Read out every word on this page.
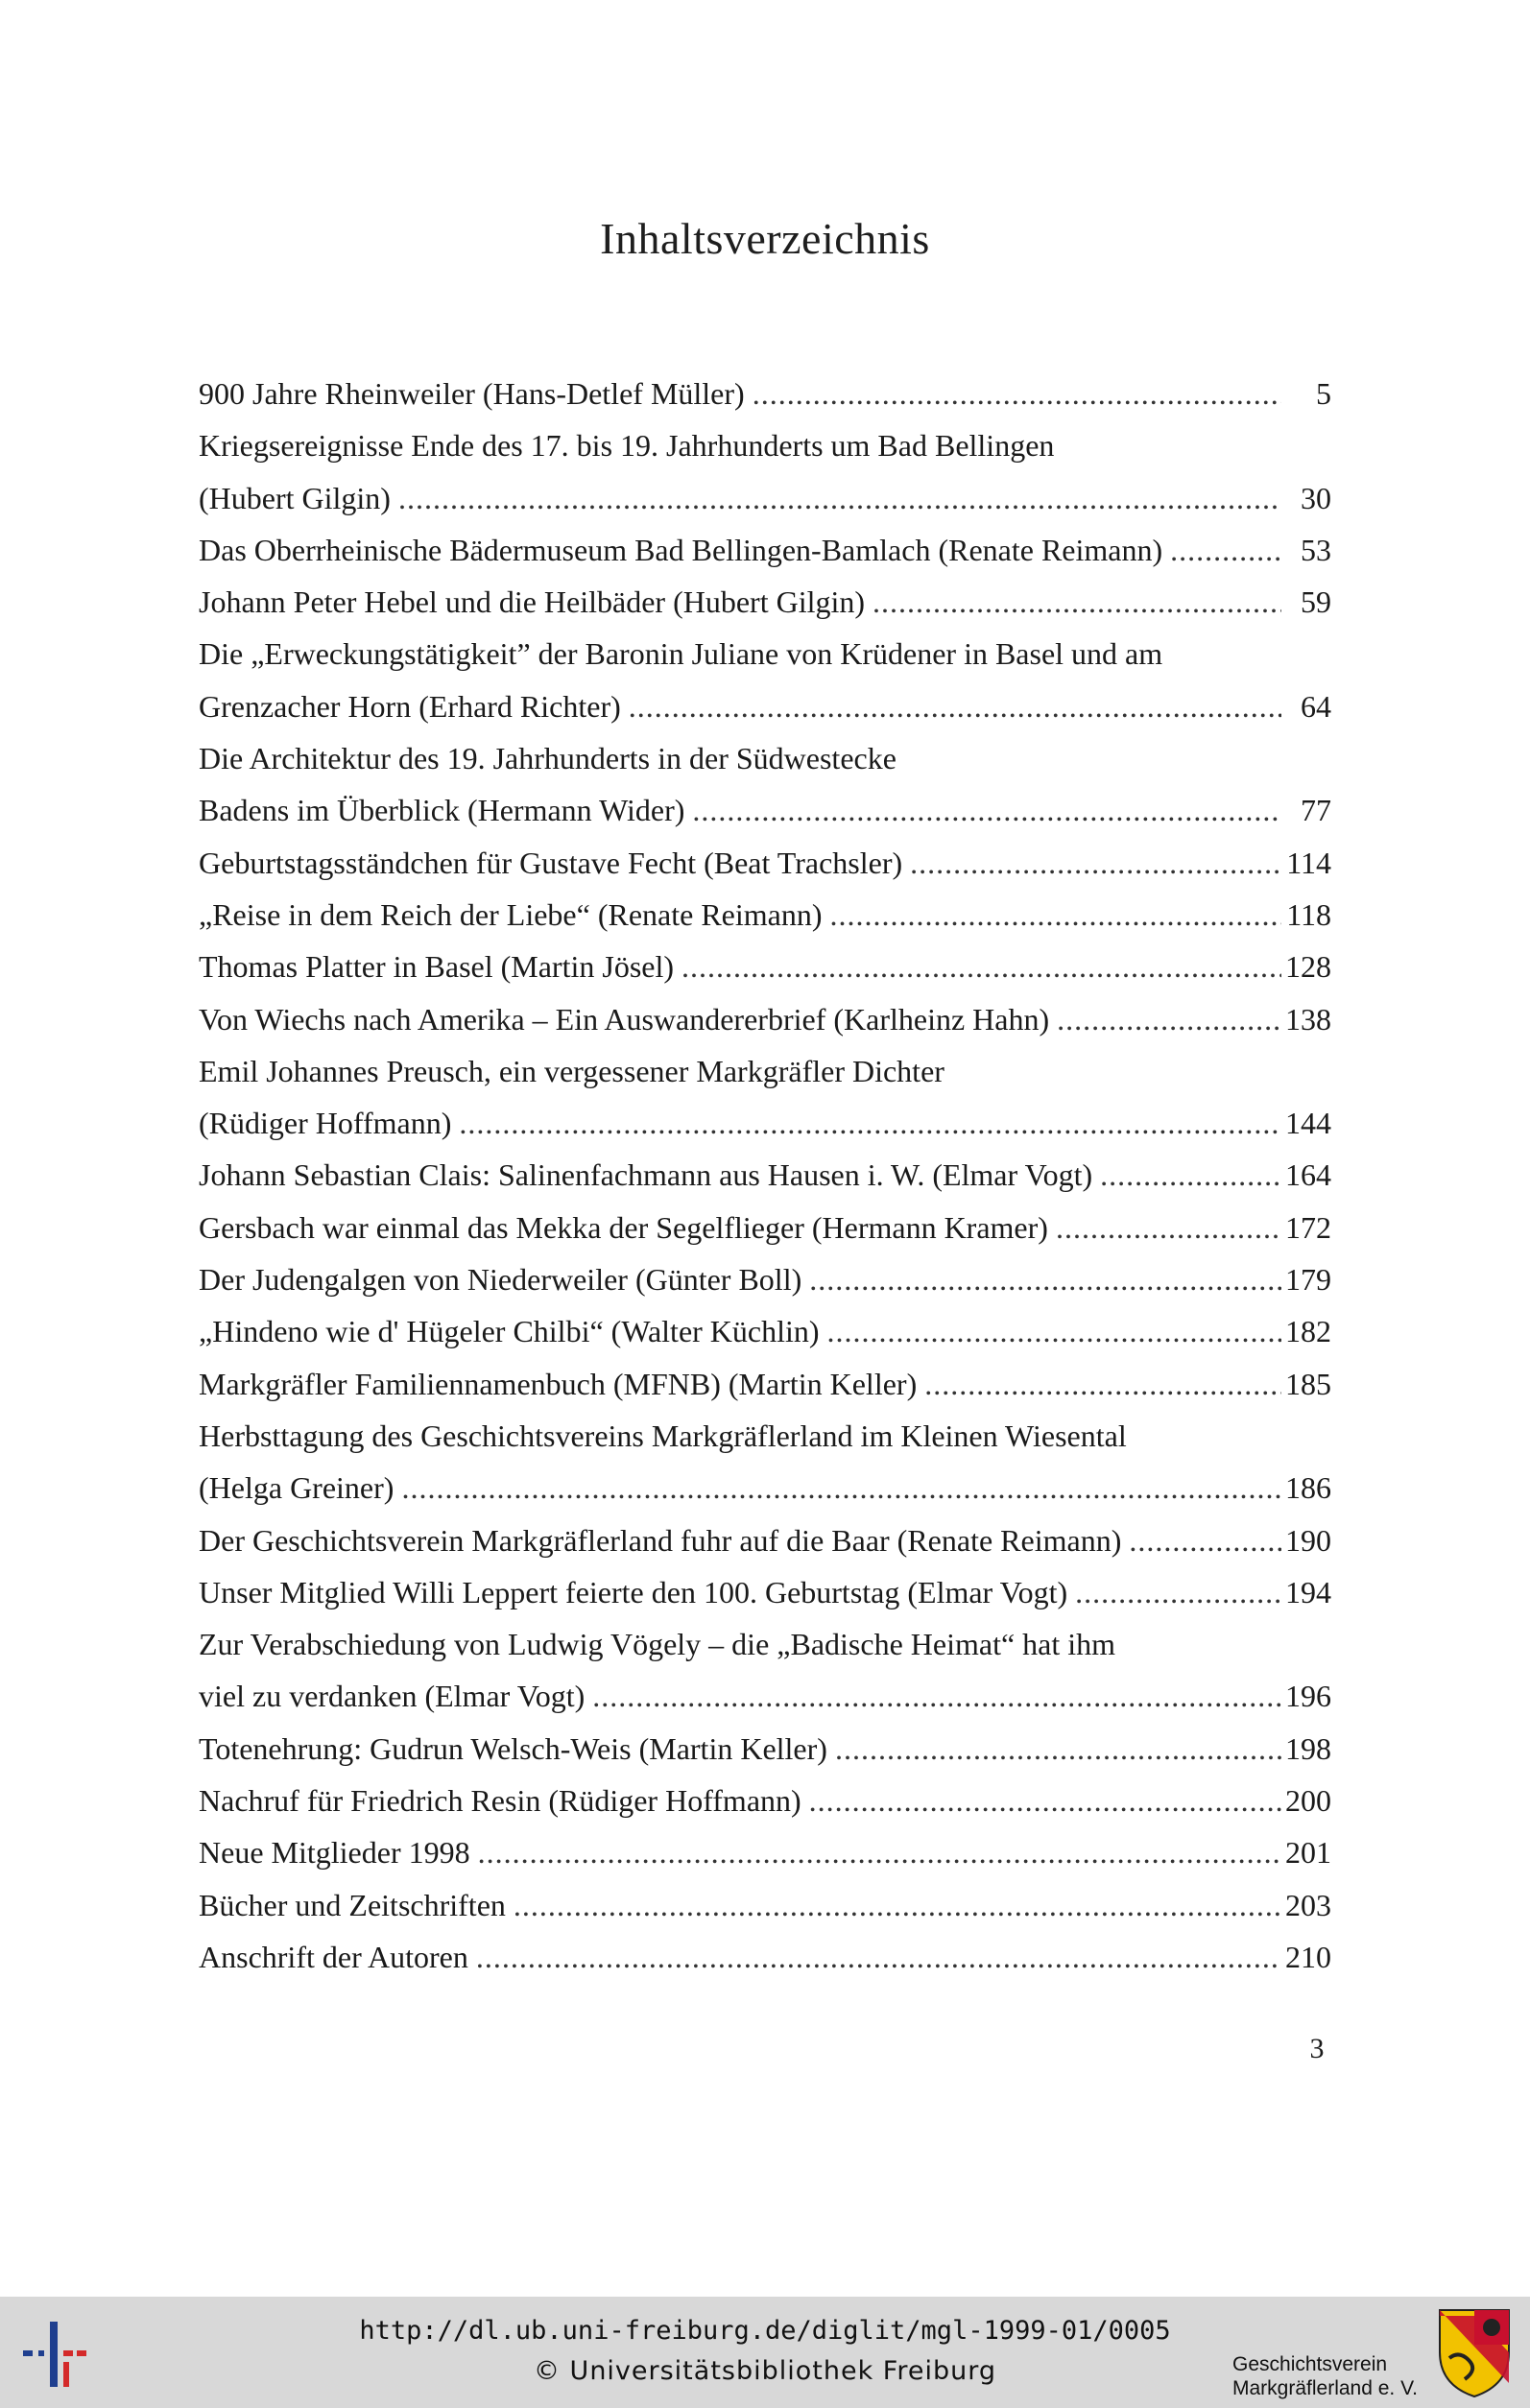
Inhaltsverzeichnis
900 Jahre Rheinweiler (Hans-Detlef Müller) .....	5
Kriegsereignisse Ende des 17. bis 19. Jahrhunderts um Bad Bellingen
(Hubert Gilgin) .....	30
Das Oberrheinische Bädermuseum Bad Bellingen-Bamlach (Renate Reimann) .....	53
Johann Peter Hebel und die Heilbäder (Hubert Gilgin) .....	59
Die „Erweckungstätigkeit” der Baronin Juliane von Krüdener in Basel und am
Grenzacher Horn (Erhard Richter) .....	64
Die Architektur des 19. Jahrhunderts in der Südwestecke
Badens im Überblick (Hermann Wider) .....	77
Geburtstagsständchen für Gustave Fecht (Beat Trachsler) .....	114
„Reise in dem Reich der Liebe“ (Renate Reimann) .....	118
Thomas Platter in Basel (Martin Jösel) .....	128
Von Wiechs nach Amerika – Ein Auswandererbrief (Karlheinz Hahn) .....	138
Emil Johannes Preusch, ein vergessener Markgräfler Dichter
(Rüdiger Hoffmann) .....	144
Johann Sebastian Clais: Salinenfachmann aus Hausen i. W. (Elmar Vogt) .....	164
Gersbach war einmal das Mekka der Segelflieger (Hermann Kramer) .....	172
Der Judengalgen von Niederweiler (Günter Boll) .....	179
„Hindeno wie d' Hügeler Chilbi“ (Walter Küchlin) .....	182
Markgräfler Familiennamenbuch (MFNB) (Martin Keller) .....	185
Herbsttagung des Geschichtsvereins Markgräflerland im Kleinen Wiesental
(Helga Greiner) .....	186
Der Geschichtsverein Markgräflerland fuhr auf die Baar (Renate Reimann) .....	190
Unser Mitglied Willi Leppert feierte den 100. Geburtstag (Elmar Vogt) .....	194
Zur Verabschiedung von Ludwig Vögely – die „Badische Heimat“ hat ihm
viel zu verdanken (Elmar Vogt) .....	196
Totenehrung: Gudrun Welsch-Weis (Martin Keller) .....	198
Nachruf für Friedrich Resin (Rüdiger Hoffmann) .....	200
Neue Mitglieder 1998 .....	201
Bücher und Zeitschriften .....	203
Anschrift der Autoren .....	210
3
http://dl.ub.uni-freiburg.de/diglit/mgl-1999-01/0005
© Universitätsbibliothek Freiburg	Geschichtsverein
Markgräflerland e. V.
